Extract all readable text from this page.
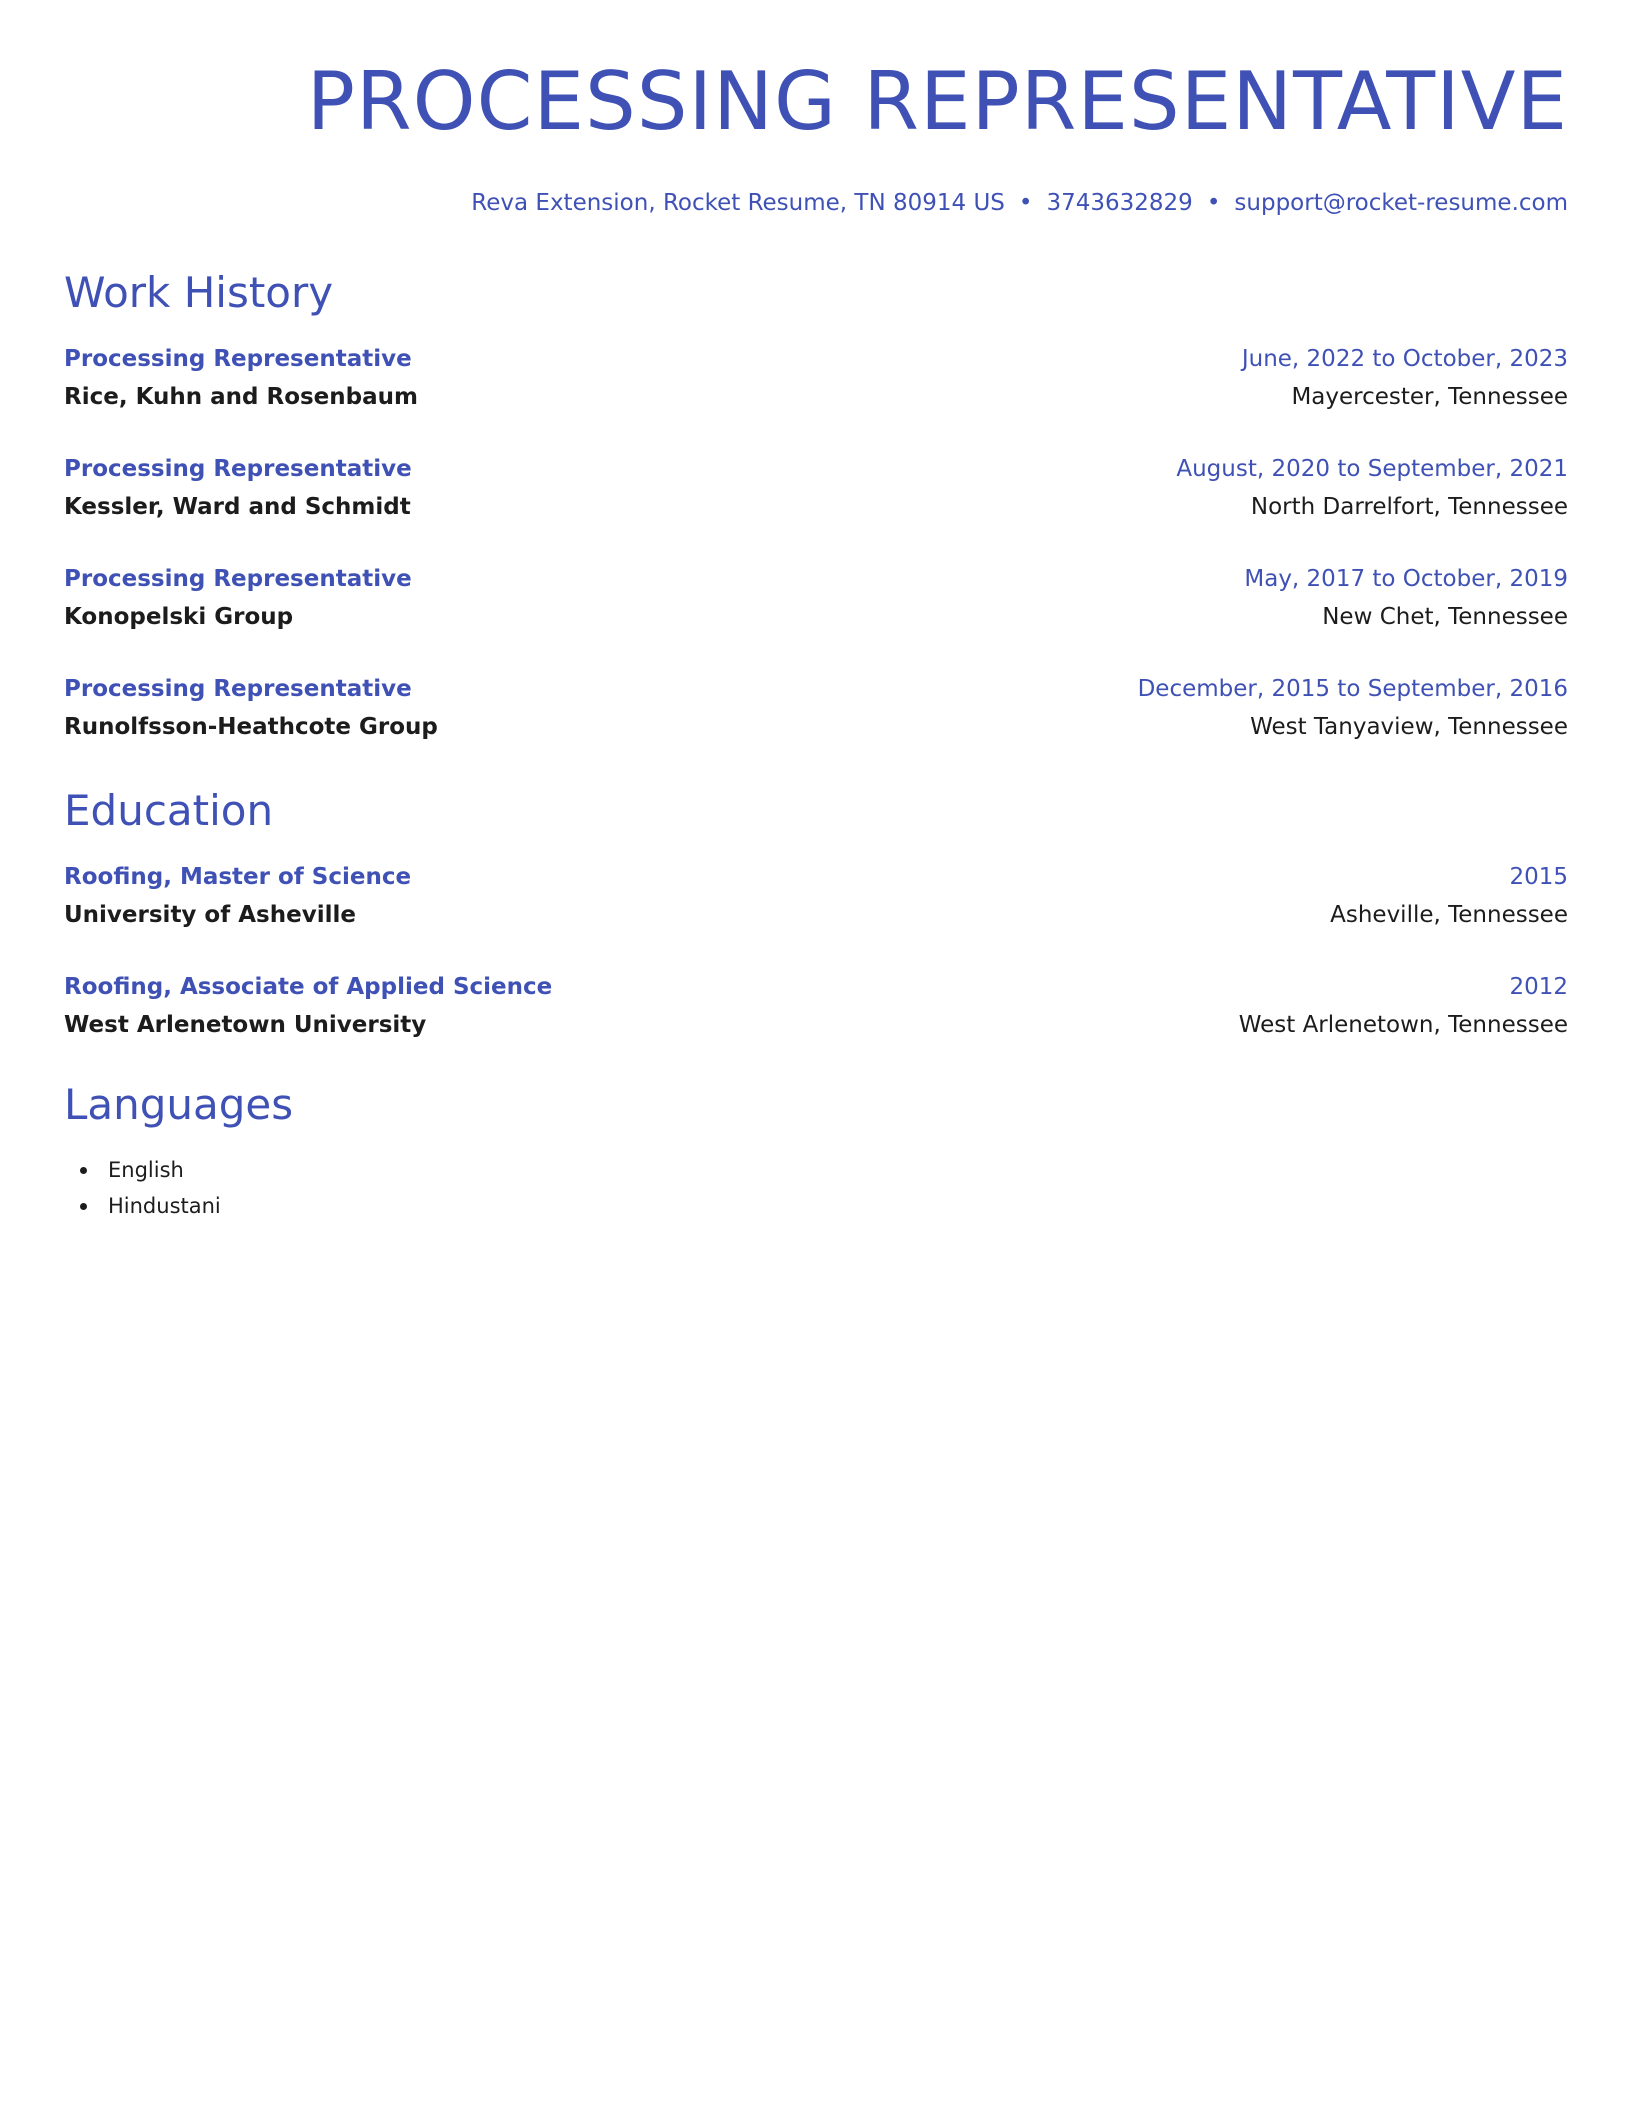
PROCESSING REPRESENTATIVE
Reva Extension, Rocket Resume, TN 80914 US • 3743632829 • support@rocket-resume.com
Work History
Processing Representative	June, 2022 to October, 2023
Rice, Kuhn and Rosenbaum	Mayercester, Tennessee
Processing Representative	August, 2020 to September, 2021
Kessler, Ward and Schmidt	North Darrelfort, Tennessee
Processing Representative	May, 2017 to October, 2019
Konopelski Group	New Chet, Tennessee
Processing Representative	December, 2015 to September, 2016
Runolfsson-Heathcote Group	West Tanyaview, Tennessee
Education
Roofing, Master of Science	2015
University of Asheville	Asheville, Tennessee
Roofing, Associate of Applied Science	2012
West Arlenetown University	West Arlenetown, Tennessee
Languages
English
Hindustani
